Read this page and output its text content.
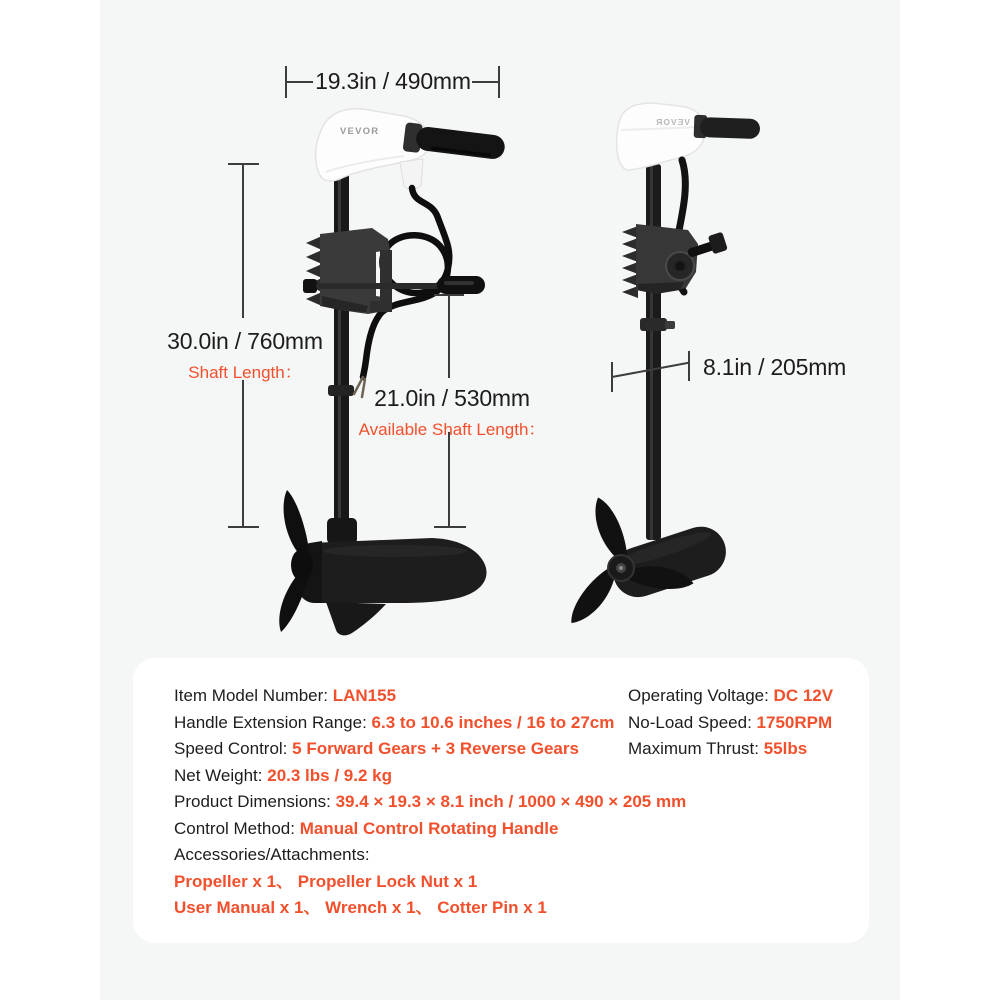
VEVOR
VEVOR
19.3in / 490mm
30.0in / 760mm
Shaft Length：
21.0in / 530mm
Available Shaft Length：
8.1in / 205mm
Item Model Number: LAN155
Handle Extension Range: 6.3 to 10.6 inches / 16 to 27cm
Speed Control: 5 Forward Gears + 3 Reverse Gears
Net Weight: 20.3 lbs / 9.2 kg
Product Dimensions: 39.4 × 19.3 × 8.1 inch / 1000 × 490 × 205 mm
Control Method: Manual Control Rotating Handle
Accessories/Attachments:
Propeller x 1、 Propeller Lock Nut x 1
User Manual x 1、 Wrench x 1、 Cotter Pin x 1
Operating Voltage: DC 12V
No-Load Speed: 1750RPM
Maximum Thrust: 55lbs
